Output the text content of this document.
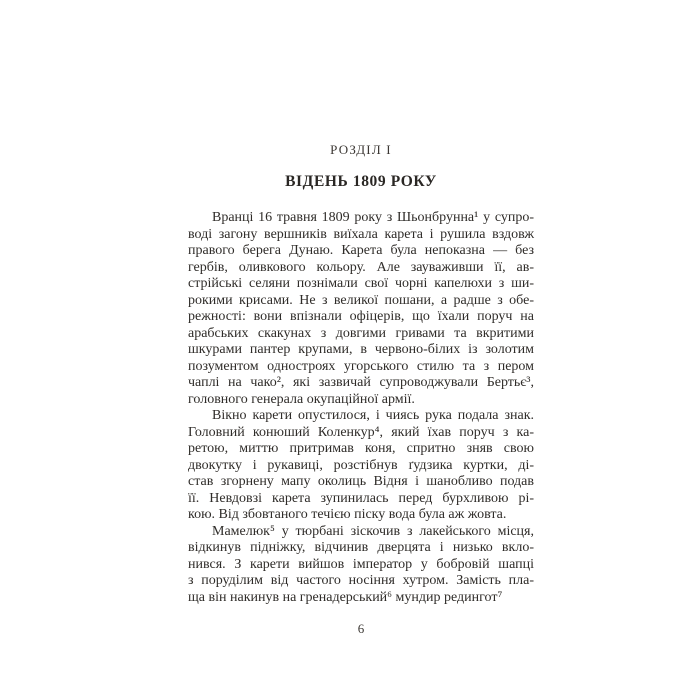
РОЗДІЛ І
ВІДЕНЬ 1809 РОКУ
Вранці 16 травня 1809 року з Шьонбрунна¹ у супро-
воді загону вершників виїхала карета і рушила вздовж
правого берега Дунаю. Карета була непоказна — без
гербів, оливкового кольору. Але зауваживши її, ав-
стрійські селяни познімали свої чорні капелюхи з ши-
рокими крисами. Не з великої пошани, а радше з обе-
режності: вони впізнали офіцерів, що їхали поруч на
арабських скакунах з довгими гривами та вкритими
шкурами пантер крупами, в червоно-білих із золотим
позументом одностроях угорського стилю та з пером
чаплі на чако², які зазвичай супроводжували Бертьє³,
головного генерала окупаційної армії.
Вікно карети опустилося, і чиясь рука подала знак.
Головний конюший Коленкур⁴, який їхав поруч з ка-
ретою, миттю притримав коня, спритно зняв свою
двокутку і рукавиці, розстібнув ґудзика куртки, ді-
став згорнену мапу околиць Відня і шанобливо подав
її. Невдовзі карета зупинилась перед бурхливою рі-
кою. Від збовтаного течією піску вода була аж жовта.
Мамелюк⁵ у тюрбані зіскочив з лакейського місця,
відкинув підніжку, відчинив дверцята і низько вкло-
нився. З карети вийшов імператор у бобровій шапці
з поруділим від частого носіння хутром. Замість пла-
ща він накинув на гренадерський⁶ мундир редингот⁷
6
